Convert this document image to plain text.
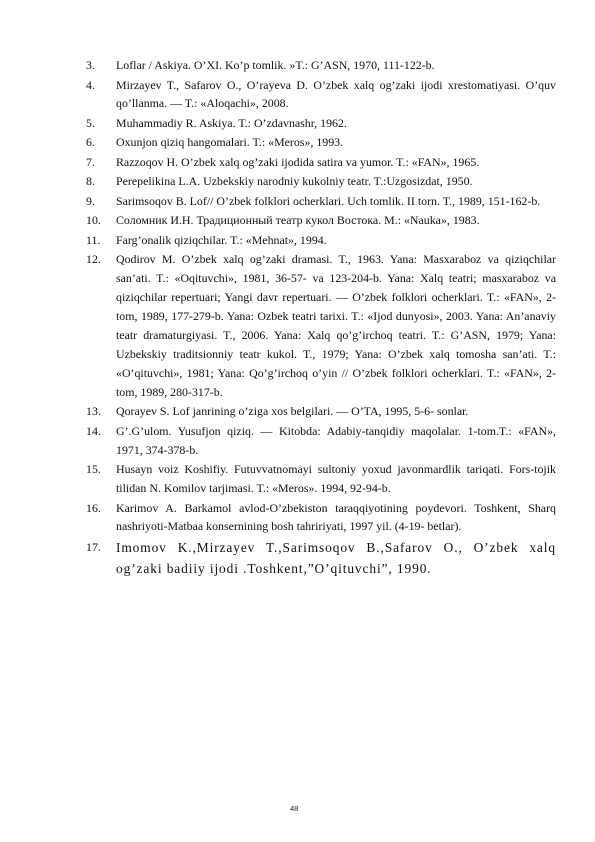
3.	Loflar / Askiya. O’XI. Ko’p tomlik. »T.: G’ASN, 1970, 111-122-b.
4.	Mirzayev T., Safarov O., O’rayeva D. O’zbek xalq og’zaki ijodi xrestomatiyasi. O’quv qo’llanma. — T.: «Aloqachi», 2008.
5.	Muhammadiy R. Askiya. T.: O’zdavnashr, 1962.
6.	Oxunjon qiziq hangomalari. T.: «Meros», 1993.
7.	Razzoqov H. O’zbek xalq og’zaki ijodida satira va yumor. T.: «FAN», 1965.
8.	Perepelikina L.A. Uzbekskiy narodniy kukolniy teatr. T.:Uzgosizdat, 1950.
9.	Sarimsoqov B. Lof// O’zbek folklori ocherklari. Uch tomlik. II torn. T., 1989, 151-162-b.
10.	Соломник И.Н. Традиционный театр кукол Востока. M.: «Nauka», 1983.
11.	Farg’onalik qiziqchilar. T.: «Mehnat», 1994.
12.	Qodirov M. O’zbek xalq og’zaki dramasi. T., 1963. Yana: Masxaraboz va qiziqchilar san’ati. T.: «Oqituvchi», 1981, 36-57- va 123-204-b. Yana: Xalq teatri; masxaraboz va qiziqchilar repertuari; Yangi davr repertuari. — O’zbek folklori ocherklari. T.: «FAN», 2-tom, 1989, 177-279-b. Yana: Ozbek teatri tarixi. T.: «Ijod dunyosi», 2003. Yana: An’anaviy teatr dramaturgiyasi. T., 2006. Yana: Xalq qo’g’irchoq teatri. T.: G’ASN, 1979; Yana: Uzbekskiy traditsionniy teatr kukol. T., 1979; Yana: O’zbek xalq tomosha san’ati. T.: «O’qituvchi», 1981; Yana: Qo’g’irchoq o’yin // O’zbek folklori ocherklari. T.: «FAN», 2-tom, 1989, 280-317-b.
13.	Qorayev S. Lof janrining o’ziga xos belgilari. — O’TA, 1995, 5-6- sonlar.
14.	G’.G’ulom. Yusufjon qiziq. — Kitobda: Adabiy-tanqidiy maqolalar. 1-tom.T.: «FAN», 1971, 374-378-b.
15.	Husayn voiz Koshifiy. Futuvvatnomayi sultoniy yoxud javonmardlik tariqati. Fors-tojik tilidan N. Komilov tarjimasi. T.: «Meros». 1994, 92-94-b.
16.	Karimov A. Barkamol avlod-O’zbekiston taraqqiyotining poydevori. Toshkent, Sharq nashriyoti-Matbaa konsernining bosh tahririyati, 1997 yil. (4-19- betlar).
17.	Imomov K.,Mirzayev T.,Sarimsoqov B.,Safarov O., O’zbek xalq og’zaki badiiy ijodi .Toshkent,”O’qituvchi”, 1990.
48
